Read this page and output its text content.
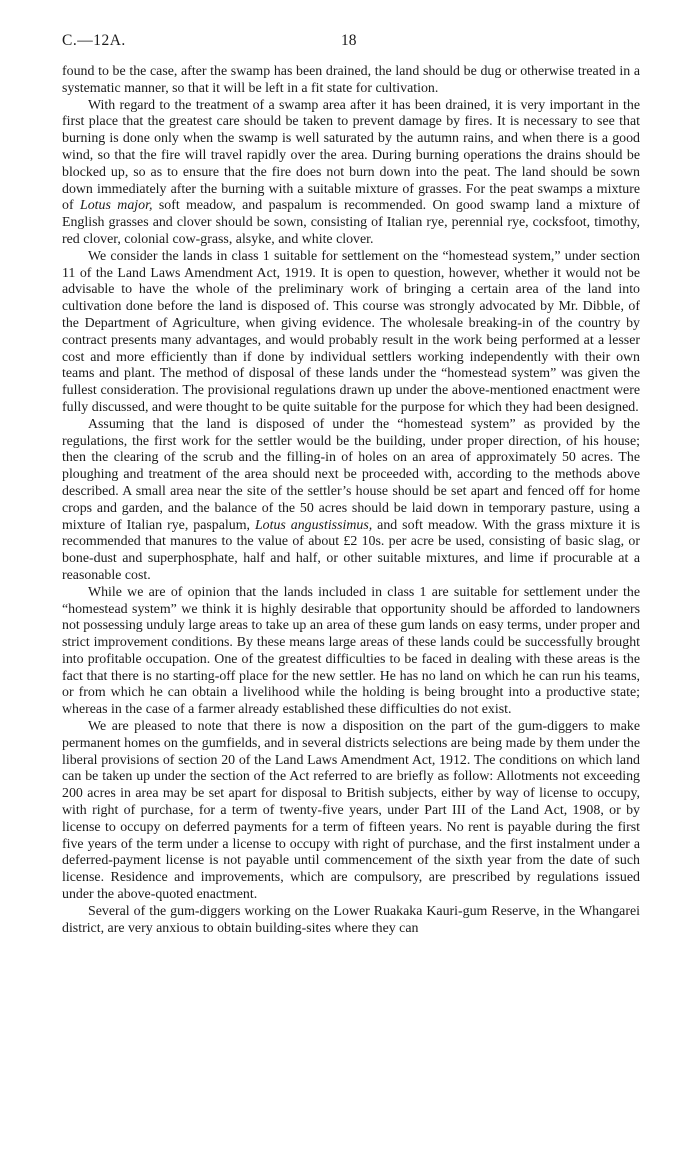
C.—12A.	18

found to be the case, after the swamp has been drained, the land should be dug or otherwise treated in a systematic manner, so that it will be left in a fit state for cultivation.

With regard to the treatment of a swamp area after it has been drained, it is very important in the first place that the greatest care should be taken to prevent damage by fires. It is necessary to see that burning is done only when the swamp is well saturated by the autumn rains, and when there is a good wind, so that the fire will travel rapidly over the area. During burning operations the drains should be blocked up, so as to ensure that the fire does not burn down into the peat. The land should be sown down immediately after the burning with a suitable mixture of grasses. For the peat swamps a mixture of Lotus major, soft meadow, and paspalum is recommended. On good swamp land a mixture of English grasses and clover should be sown, consisting of Italian rye, perennial rye, cocksfoot, timothy, red clover, colonial cow-grass, alsyke, and white clover.

We consider the lands in class 1 suitable for settlement on the “homestead system,” under section 11 of the Land Laws Amendment Act, 1919. It is open to question, however, whether it would not be advisable to have the whole of the preliminary work of bringing a certain area of the land into cultivation done before the land is disposed of. This course was strongly advocated by Mr. Dibble, of the Department of Agriculture, when giving evidence. The wholesale breaking-in of the country by contract presents many advantages, and would probably result in the work being performed at a lesser cost and more efficiently than if done by individual settlers working independently with their own teams and plant. The method of disposal of these lands under the “homestead system” was given the fullest consideration. The provisional regulations drawn up under the above-mentioned enactment were fully discussed, and were thought to be quite suitable for the purpose for which they had been designed.

Assuming that the land is disposed of under the “homestead system” as provided by the regulations, the first work for the settler would be the building, under proper direction, of his house; then the clearing of the scrub and the filling-in of holes on an area of approximately 50 acres. The ploughing and treatment of the area should next be proceeded with, according to the methods above described. A small area near the site of the settler’s house should be set apart and fenced off for home crops and garden, and the balance of the 50 acres should be laid down in temporary pasture, using a mixture of Italian rye, paspalum, Lotus angustissimus, and soft meadow. With the grass mixture it is recommended that manures to the value of about £2 10s. per acre be used, consisting of basic slag, or bone-dust and superphosphate, half and half, or other suitable mixtures, and lime if procurable at a reasonable cost.

While we are of opinion that the lands included in class 1 are suitable for settlement under the “homestead system” we think it is highly desirable that opportunity should be afforded to landowners not possessing unduly large areas to take up an area of these gum lands on easy terms, under proper and strict improvement conditions. By these means large areas of these lands could be successfully brought into profitable occupation. One of the greatest difficulties to be faced in dealing with these areas is the fact that there is no starting-off place for the new settler. He has no land on which he can run his teams, or from which he can obtain a livelihood while the holding is being brought into a productive state; whereas in the case of a farmer already established these difficulties do not exist.

We are pleased to note that there is now a disposition on the part of the gum-diggers to make permanent homes on the gumfields, and in several districts selections are being made by them under the liberal provisions of section 20 of the Land Laws Amendment Act, 1912. The conditions on which land can be taken up under the section of the Act referred to are briefly as follow: Allotments not exceeding 200 acres in area may be set apart for disposal to British subjects, either by way of license to occupy, with right of purchase, for a term of twenty-five years, under Part III of the Land Act, 1908, or by license to occupy on deferred payments for a term of fifteen years. No rent is payable during the first five years of the term under a license to occupy with right of purchase, and the first instalment under a deferred-payment license is not payable until commencement of the sixth year from the date of such license. Residence and improvements, which are compulsory, are prescribed by regulations issued under the above-quoted enactment.

Several of the gum-diggers working on the Lower Ruakaka Kauri-gum Reserve, in the Whangarei district, are very anxious to obtain building-sites where they can
